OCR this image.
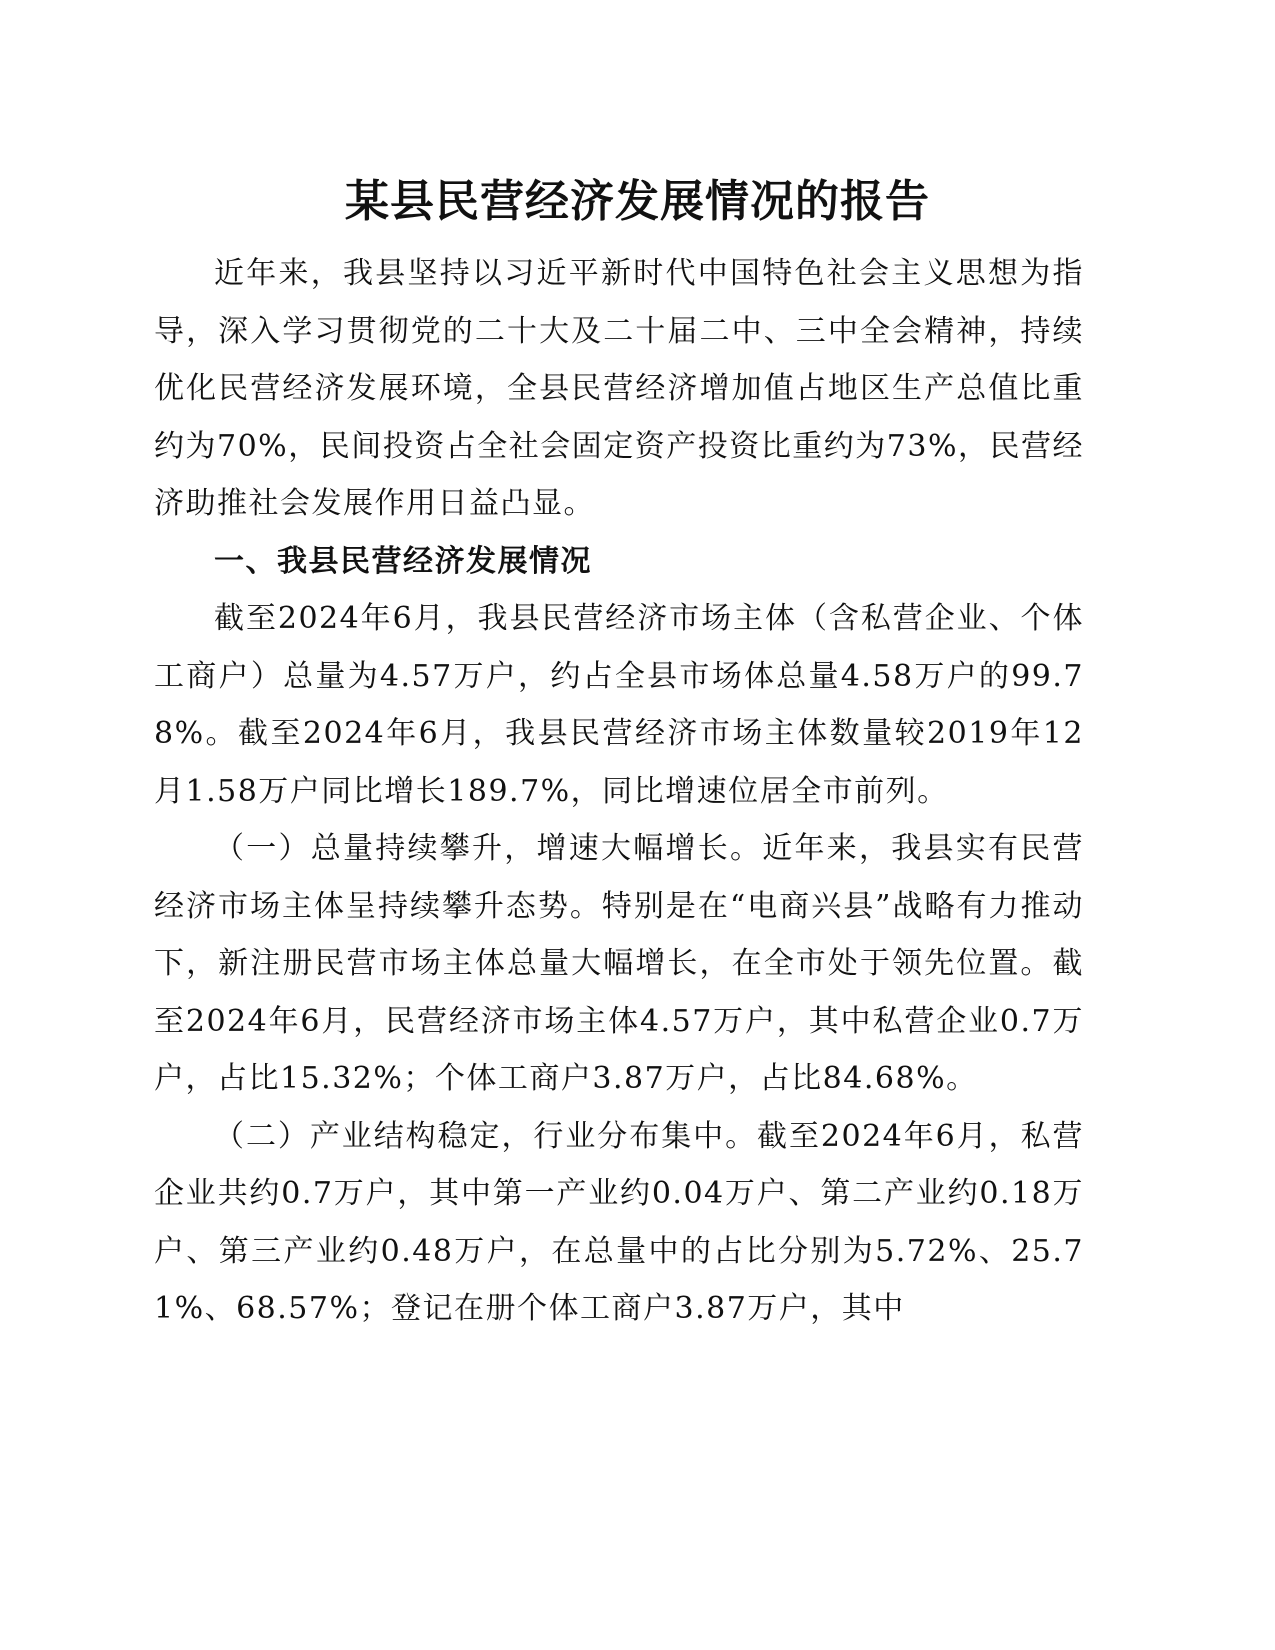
某县民营经济发展情况的报告

近年来，我县坚持以习近平新时代中国特色社会主义思想为指导，深入学习贯彻党的二十大及二十届二中、三中全会精神，持续优化民营经济发展环境，全县民营经济增加值占地区生产总值比重约为70%，民间投资占全社会固定资产投资比重约为73%，民营经济助推社会发展作用日益凸显。

一、我县民营经济发展情况

截至2024年6月，我县民营经济市场主体（含私营企业、个体工商户）总量为4.57万户，约占全县市场体总量4.58万户的99.78%。截至2024年6月，我县民营经济市场主体数量较2019年12月1.58万户同比增长189.7%，同比增速位居全市前列。

（一）总量持续攀升，增速大幅增长。近年来，我县实有民营经济市场主体呈持续攀升态势。特别是在“电商兴县”战略有力推动下，新注册民营市场主体总量大幅增长，在全市处于领先位置。截至2024年6月，民营经济市场主体4.57万户，其中私营企业0.7万户，占比15.32%；个体工商户3.87万户，占比84.68%。

（二）产业结构稳定，行业分布集中。截至2024年6月，私营企业共约0.7万户，其中第一产业约0.04万户、第二产业约0.18万户、第三产业约0.48万户，在总量中的占比分别为5.72%、25.71%、68.57%；登记在册个体工商户3.87万户，其中
